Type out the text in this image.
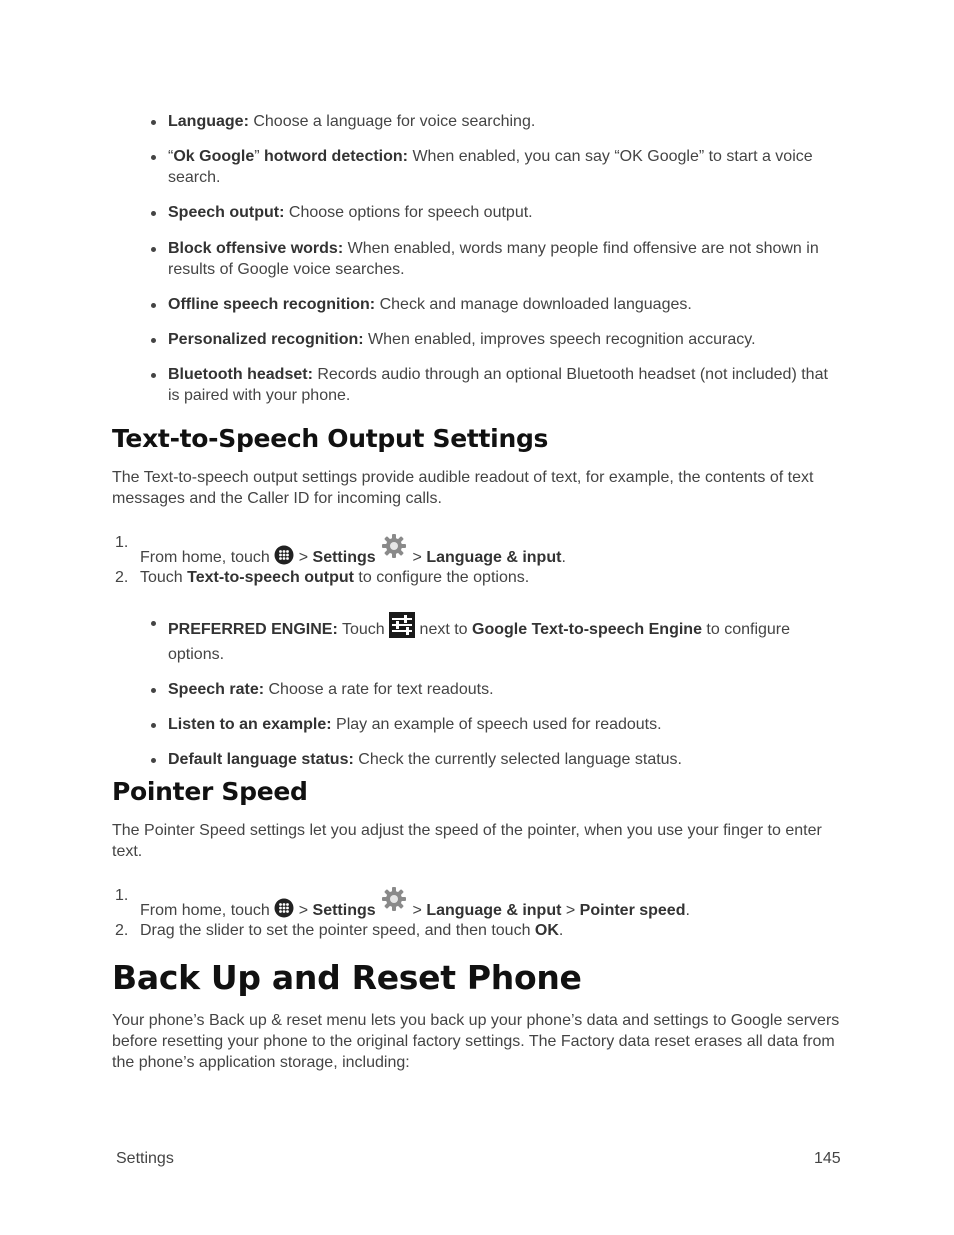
Language: Choose a language for voice searching.
“Ok Google” hotword detection: When enabled, you can say “OK Google” to start a voice search.
Speech output: Choose options for speech output.
Block offensive words: When enabled, words many people find offensive are not shown in results of Google voice searches.
Offline speech recognition: Check and manage downloaded languages.
Personalized recognition: When enabled, improves speech recognition accuracy.
Bluetooth headset: Records audio through an optional Bluetooth headset (not included) that is paired with your phone.
Text-to-Speech Output Settings

The Text-to-speech output settings provide audible readout of text, for example, the contents of text messages and the Caller ID for incoming calls.

1.
From home, touch  > Settings  > Language & input.
2. Touch Text-to-speech output to configure the options.
PREFERRED ENGINE: Touch  next to Google Text-to-speech Engine to configure options.
Speech rate: Choose a rate for text readouts.
Listen to an example: Play an example of speech used for readouts.
Default language status: Check the currently selected language status.
Pointer Speed

The Pointer Speed settings let you adjust the speed of the pointer, when you use your finger to enter text.

1.
From home, touch  > Settings  > Language & input > Pointer speed.
2. Drag the slider to set the pointer speed, and then touch OK.
Back Up and Reset Phone

Your phone’s Back up & reset menu lets you back up your phone’s data and settings to Google servers before resetting your phone to the original factory settings. The Factory data reset erases all data from the phone’s application storage, including:

Settings	145
